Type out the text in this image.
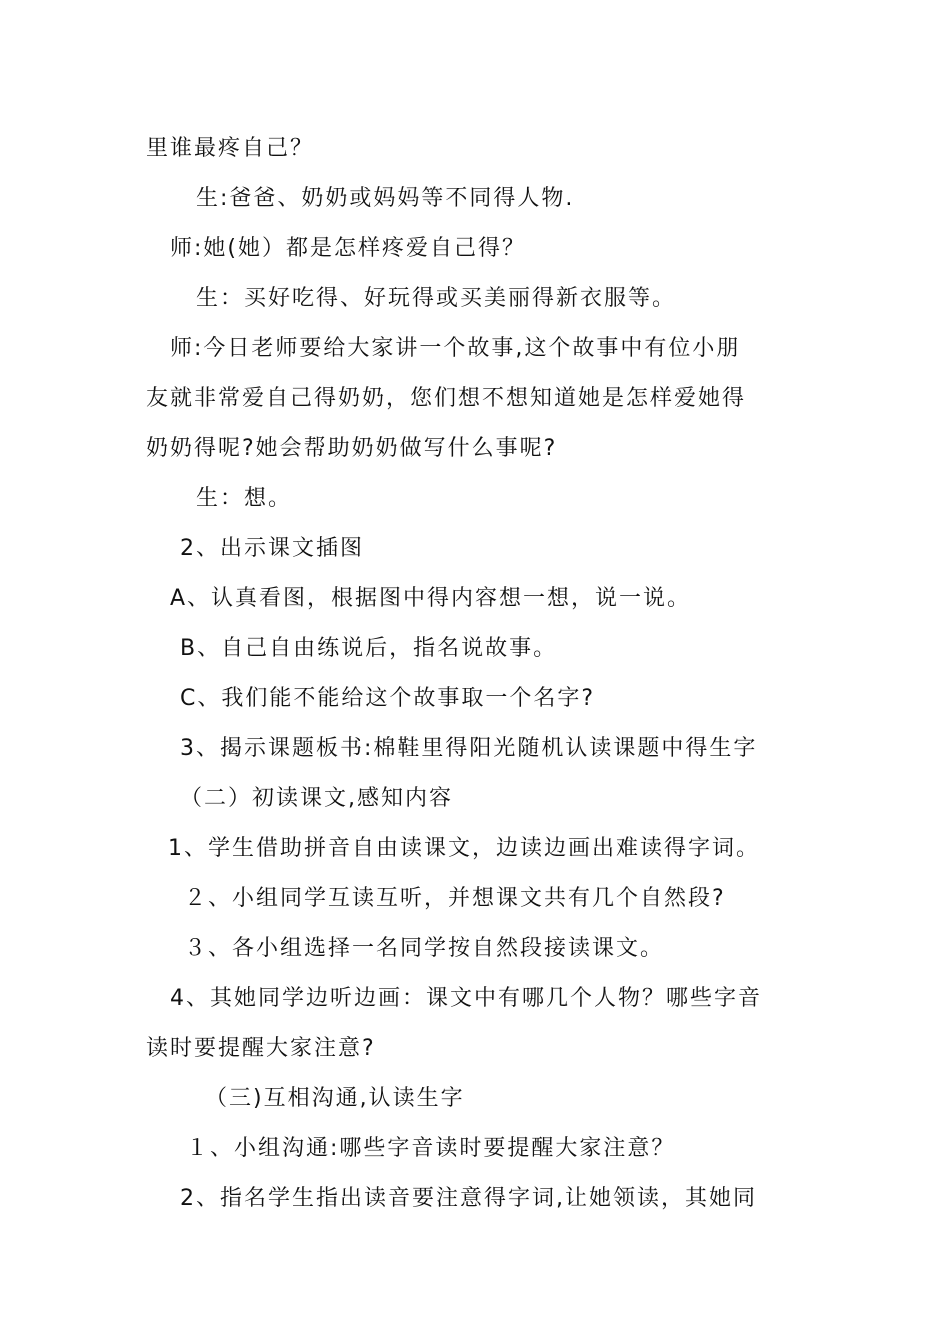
里谁最疼自己？
生:爸爸、奶奶或妈妈等不同得人物.
师:她(她）都是怎样疼爱自己得？
生：买好吃得、好玩得或买美丽得新衣服等。
师:今日老师要给大家讲一个故事,这个故事中有位小朋
友就非常爱自己得奶奶，您们想不想知道她是怎样爱她得
奶奶得呢?她会帮助奶奶做写什么事呢?
生：想。
2、出示课文插图
A、认真看图，根据图中得内容想一想，说一说。
B、自己自由练说后，指名说故事。
C、我们能不能给这个故事取一个名字?
3、揭示课题板书:棉鞋里得阳光随机认读课题中得生字
（二）初读课文,感知内容
1、学生借助拼音自由读课文，边读边画出难读得字词。
２、小组同学互读互听，并想课文共有几个自然段?
３、各小组选择一名同学按自然段接读课文。
4、其她同学边听边画：课文中有哪几个人物？哪些字音
读时要提醒大家注意?
（三)互相沟通,认读生字
１、小组沟通:哪些字音读时要提醒大家注意？
2、指名学生指出读音要注意得字词,让她领读，其她同
